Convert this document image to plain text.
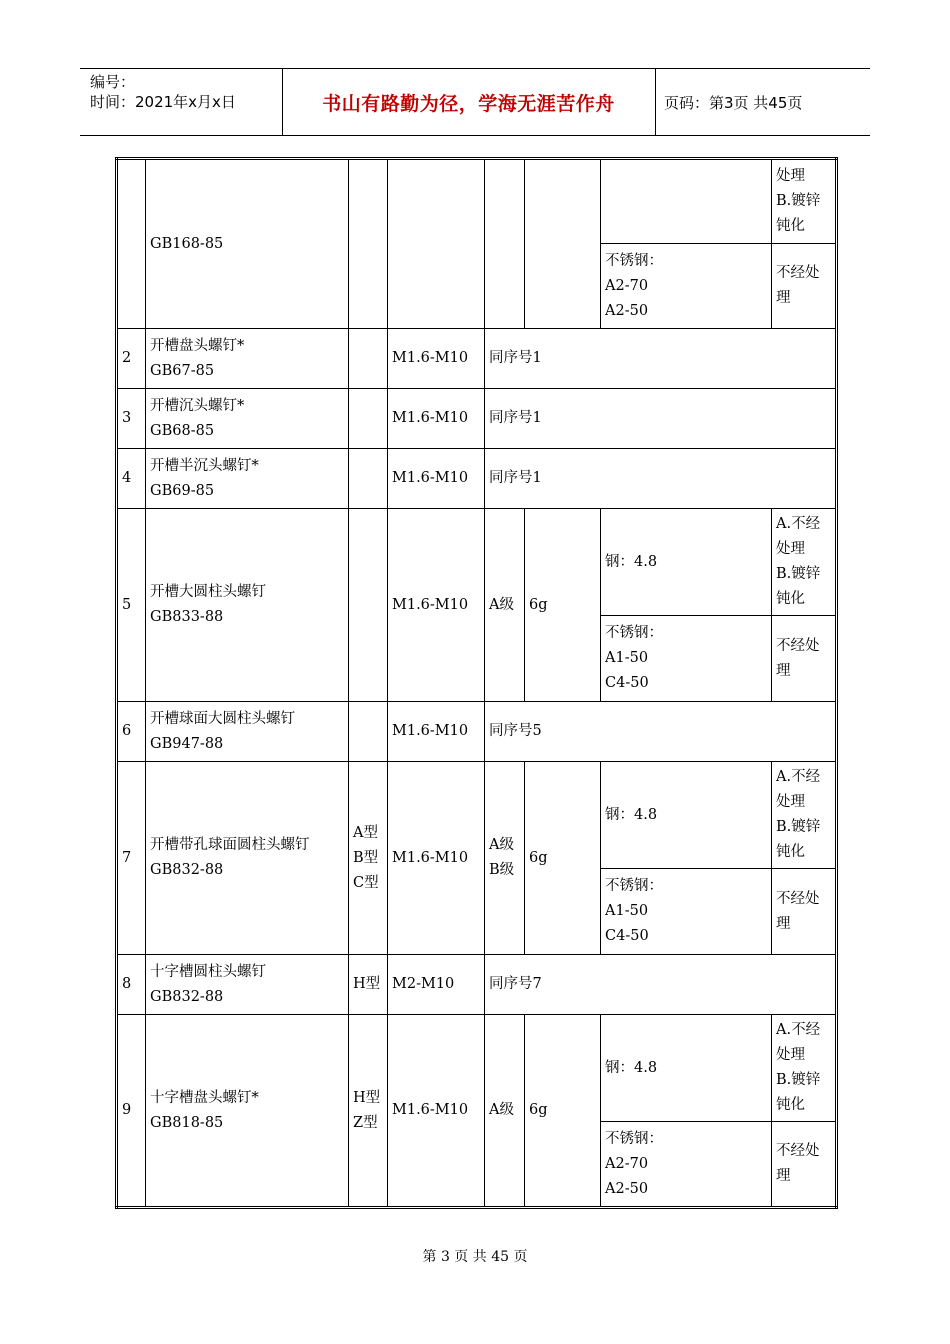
编号：
时间：2021年x月x日	书山有路勤为径，学海无涯苦作舟	页码：第3页 共45页
	GB168-85						处理
B.镀锌
钝化
						不锈钢：
A2-70
A2-50	不经处理
2	开槽盘头螺钉*
GB67-85		M1.6-M10	同序号1			
3	开槽沉头螺钉*
GB68-85		M1.6-M10	同序号1			
4	开槽半沉头螺钉*
GB69-85		M1.6-M10	同序号1			
5	开槽大圆柱头螺钉
GB833-88		M1.6-M10	A级	6g	钢：4.8	A.不经
处理
B.镀锌
钝化
						不锈钢：
A1-50
C4-50	不经处理
6	开槽球面大圆柱头螺钉
GB947-88		M1.6-M10	同序号5			
7	开槽带孔球面圆柱头螺钉
GB832-88	A型
B型
C型	M1.6-M10	A级
B级	6g	钢：4.8	A.不经
处理
B.镀锌
钝化
						不锈钢：
A1-50
C4-50	不经处理
8	十字槽圆柱头螺钉
GB832-88	H型	M2-M10	同序号7			
9	十字槽盘头螺钉*
GB818-85	H型
Z型	M1.6-M10	A级	6g	钢：4.8	A.不经
处理
B.镀锌
钝化
						不锈钢：
A2-70
A2-50	不经处理
第 3 页 共 45 页
